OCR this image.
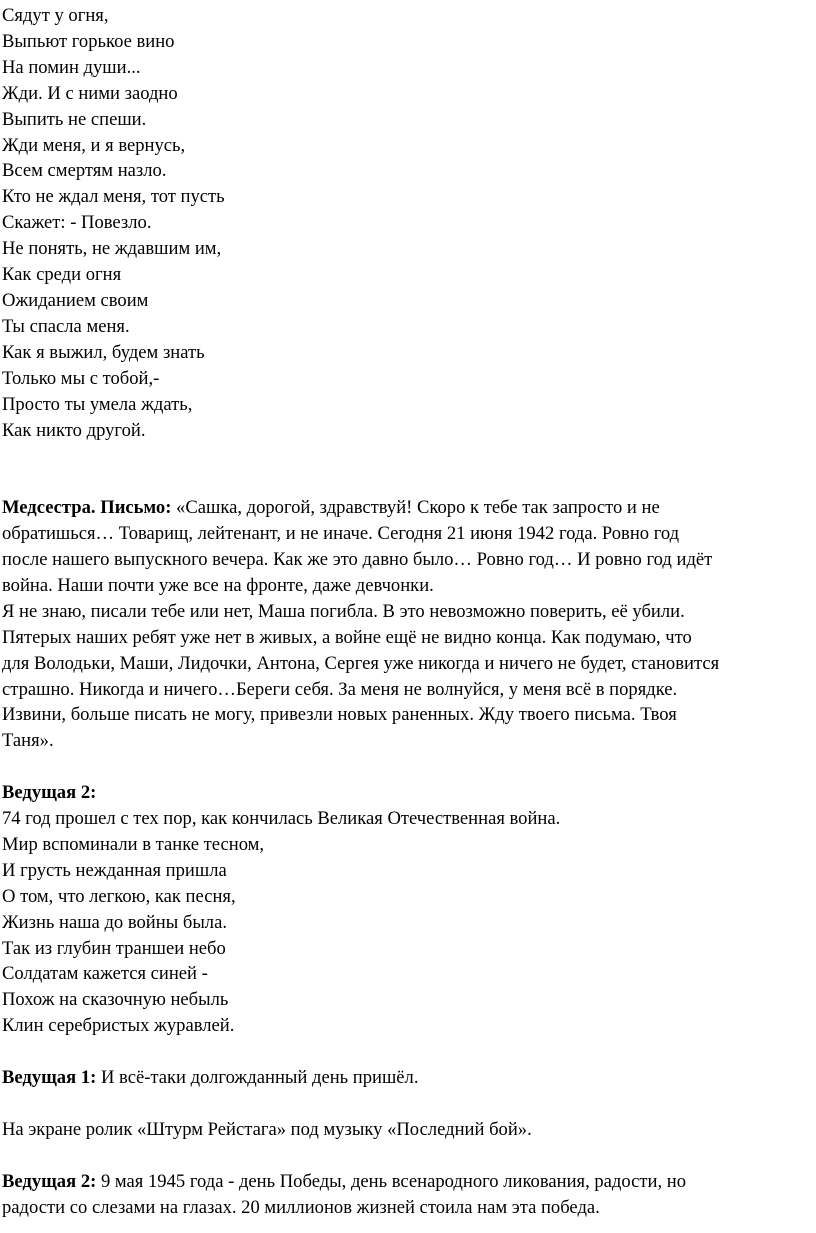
Сядут у огня,
Выпьют горькое вино
На помин души...
Жди. И с ними заодно
Выпить не спеши.
Жди меня, и я вернусь,
Всем смертям назло.
Кто не ждал меня, тот пусть
Скажет: - Повезло.
Не понять, не ждавшим им,
Как среди огня
Ожиданием своим
Ты спасла меня.
Как я выжил, будем знать
Только мы с тобой,-
Просто ты умела ждать,
Как никто другой.
Медсестра. Письмо: «Сашка, дорогой, здравствуй! Скоро к тебе так запросто и не
обратишься… Товарищ, лейтенант, и не иначе. Сегодня 21 июня 1942 года. Ровно год
после нашего выпускного вечера. Как же это давно было… Ровно год… И ровно год идёт
война. Наши почти уже все на фронте, даже девчонки.
Я не знаю, писали тебе или нет, Маша погибла. В это невозможно поверить, её убили.
Пятерых наших ребят уже нет в живых, а войне ещё не видно конца. Как подумаю, что
для Володьки, Маши, Лидочки, Антона, Сергея уже никогда и ничего не будет, становится
страшно. Никогда и ничего…Береги себя. За меня не волнуйся, у меня всё в порядке.
Извини, больше писать не могу, привезли новых раненных. Жду твоего письма. Твоя
Таня».
Ведущая 2:
74 год прошел с тех пор, как кончилась Великая Отечественная война.
Мир вспоминали в танке тесном,
И грусть нежданная пришла
О том, что легкою, как песня,
Жизнь наша до войны была.
Так из глубин траншеи небо
Солдатам кажется синей -
Похож на сказочную небыль
Клин серебристых журавлей.
Ведущая 1: И всё-таки долгожданный день пришёл.
На экране ролик «Штурм Рейстага» под музыку «Последний бой».
Ведущая 2: 9 мая 1945 года - день Победы, день всенародного ликования, радости, но
радости со слезами на глазах. 20 миллионов жизней стоила нам эта победа.
